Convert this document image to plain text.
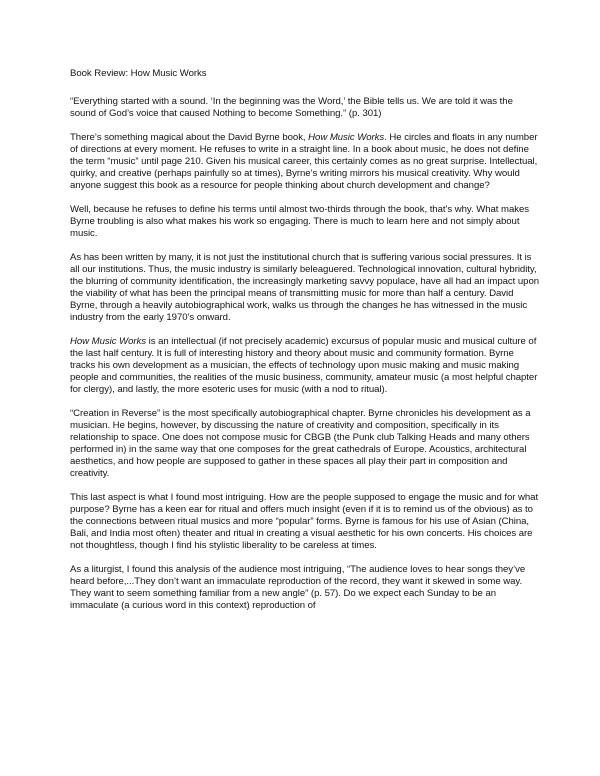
Book Review: How Music Works

“Everything started with a sound. ‘In the beginning was the Word,’ the Bible tells us. We are told it was the sound of God’s voice that caused Nothing to become Something.” (p. 301)

There’s something magical about the David Byrne book, How Music Works. He circles and floats in any number of directions at every moment. He refuses to write in a straight line. In a book about music, he does not define the term “music” until page 210. Given his musical career, this certainly comes as no great surprise. Intellectual, quirky, and creative (perhaps painfully so at times), Byrne’s writing mirrors his musical creativity. Why would anyone suggest this book as a resource for people thinking about church development and change?

Well, because he refuses to define his terms until almost two-thirds through the book, that’s why. What makes Byrne troubling is also what makes his work so engaging. There is much to learn here and not simply about music.

As has been written by many, it is not just the institutional church that is suffering various social pressures. It is all our institutions. Thus, the music industry is similarly beleaguered. Technological innovation, cultural hybridity, the blurring of community identification, the increasingly marketing savvy populace, have all had an impact upon the viability of what has been the principal means of transmitting music for more than half a century. David Byrne, through a heavily autobiographical work, walks us through the changes he has witnessed in the music industry from the early 1970’s onward.

How Music Works is an intellectual (if not precisely academic) excursus of popular music and musical culture of the last half century. It is full of interesting history and theory about music and community formation. Byrne tracks his own development as a musician, the effects of technology upon music making and music making people and communities, the realities of the music business, community, amateur music (a most helpful chapter for clergy), and lastly, the more esoteric uses for music (with a nod to ritual).

“Creation in Reverse” is the most specifically autobiographical chapter. Byrne chronicles his development as a musician. He begins, however, by discussing the nature of creativity and composition, specifically in its relationship to space. One does not compose music for CBGB (the Punk club Talking Heads and many others performed in) in the same way that one composes for the great cathedrals of Europe. Acoustics, architectural aesthetics, and how people are supposed to gather in these spaces all play their part in composition and creativity.

This last aspect is what I found most intriguing. How are the people supposed to engage the music and for what purpose? Byrne has a keen ear for ritual and offers much insight (even if it is to remind us of the obvious) as to the connections between ritual musics and more “popular” forms. Byrne is famous for his use of Asian (China, Bali, and India most often) theater and ritual in creating a visual aesthetic for his own concerts. His choices are not thoughtless, though I find his stylistic liberality to be careless at times.

As a liturgist, I found this analysis of the audience most intriguing, “The audience loves to hear songs they’ve heard before,...They don’t want an immaculate reproduction of the record, they want it skewed in some way. They want to seem something familiar from a new angle” (p. 57). Do we expect each Sunday to be an immaculate (a curious word in this context) reproduction of
